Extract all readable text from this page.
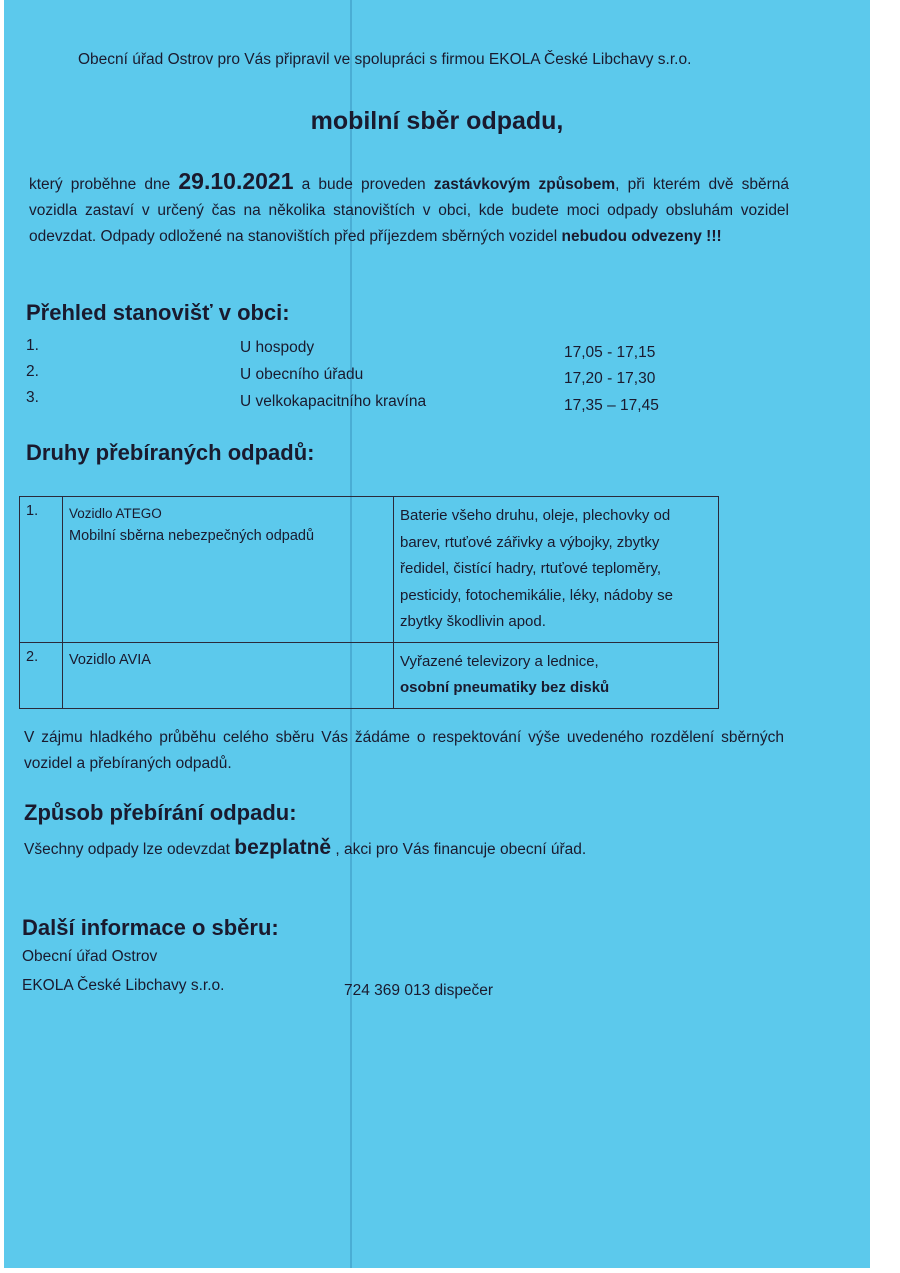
Obecní úřad Ostrov pro Vás připravil ve spolupráci s firmou EKOLA České Libchavy s.r.o.
mobilní sběr odpadu,
který proběhne dne 29.10.2021 a bude proveden zastávkovým způsobem, při kterém dvě sběrná vozidla zastaví v určený čas na několika stanovištích v obci, kde budete moci odpady obsluhám vozidel odevzdat. Odpady odložené na stanovištích před příjezdem sběrných vozidel nebudou odvezeny !!!
Přehled stanovišť v obci:
1.	U hospody	17,05 - 17,15
2.	U obecního úřadu	17,20 - 17,30
3.	U velkokapacitního kravína	17,35 – 17,45
Druhy přebíraných odpadů:
1.	Vozidlo ATEGO
Mobilní sběrna nebezpečných odpadů	Baterie všeho druhu, oleje, plechovky od barev, rtuťové zářivky a výbojky, zbytky ředidel, čistící hadry, rtuťové teploměry, pesticidy, fotochemikálie, léky, nádoby se zbytky škodlivin apod.
2.	Vozidlo AVIA	Vyřazené televizory a lednice,
osobní pneumatiky bez disků
V zájmu hladkého průběhu celého sběru Vás žádáme o respektování výše uvedeného rozdělení sběrných vozidel a přebíraných odpadů.
Způsob přebírání odpadu:
Všechny odpady lze odevzdat bezplatně , akci pro Vás financuje obecní úřad.
Další informace o sběru:
Obecní úřad Ostrov
EKOLA České Libchavy s.r.o.	724 369 013 dispečer
